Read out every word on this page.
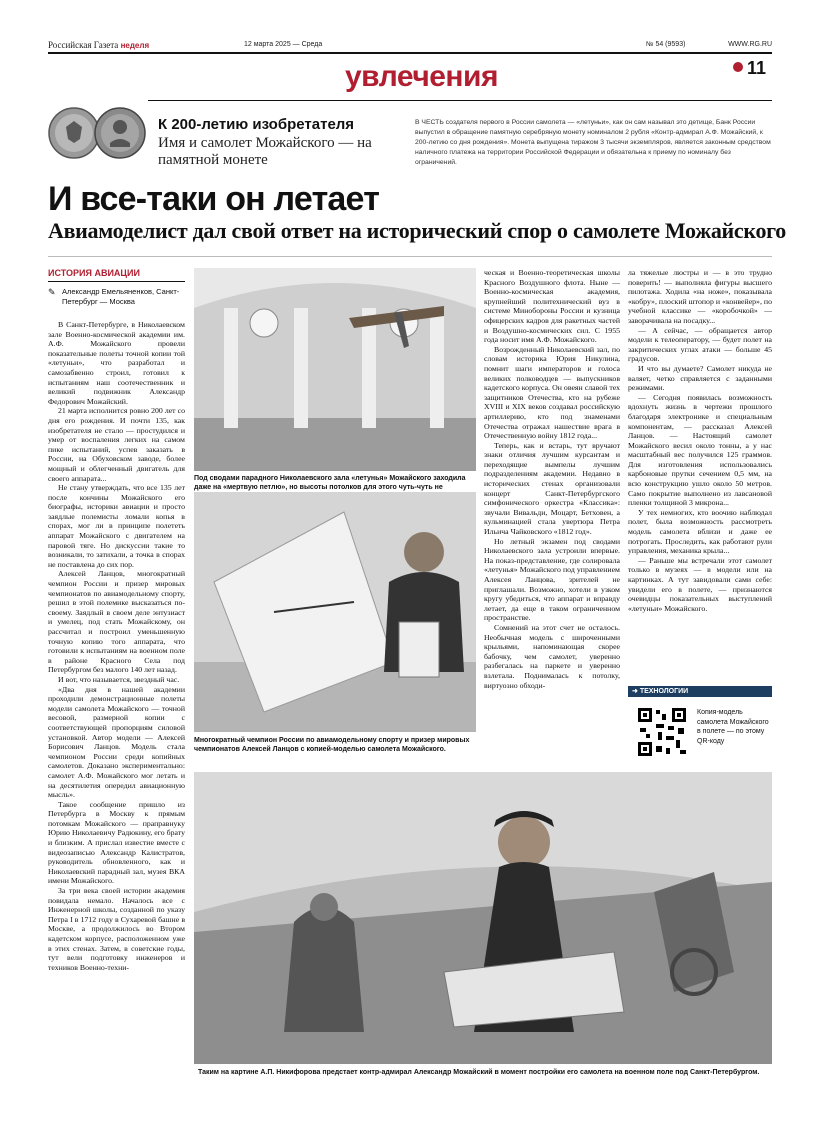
Российская Газета неделя	12 марта 2025 — Среда	№ 54 (9593)	WWW.RG.RU
увлечения	11
К 200-летию изобретателя
Имя и самолет Можайского — на памятной монете
В ЧЕСТЬ создателя первого в России самолета — «летуньи», как он сам называл это детище, Банк России выпустил в обращение памятную серебряную монету номиналом 2 рубля «Контр-адмирал А.Ф. Можайский, к 200-летию со дня рождения». Монета выпущена тиражом 3 тысячи экземпляров, является законным средством наличного платежа на территории Российской Федерации и обязательна к приему по номиналу без ограничений.
И все-таки он летает
Авиамоделист дал свой ответ на исторический спор о самолете Можайского
ИСТОРИЯ АВИАЦИИ
✎ Александр Емельяненков, Санкт-Петербург — Москва

В Санкт-Петербурге, в Николаевском зале Военно-космической академии им. А.Ф. Можайского провели показательные полеты точной копии той «летуньи», что разработал и самозабвенно строил, готовил к испытаниям наш соотечественник и великий подвижник Александр Федорович Можайский.

21 марта исполнится ровно 200 лет со дня его рождения. И почти 135, как изобретателя не стало — простудился и умер от воспаления легких на самом пике испытаний, успев заказать в России, на Обуховском заводе, более мощный и облегченный двигатель для своего аппарата...

Не стану утверждать, что все 135 лет после кончины Можайского его биографы, историки авиации и просто заядлые полемисты ломали копья в спорах, мог ли в принципе полететь аппарат Можайского с двигателем на паровой тяге. Но дискуссии такие то возникали, то затихали, а точка в спорах не поставлена до сих пор.

Алексей Ланцов, многократный чемпион России и призер мировых чемпионатов по авиамодельному спорту, решил в этой полемике высказаться по-своему. Заядлый в своем деле энтузиаст и умелец, под стать Можайскому, он рассчитал и построил уменьшенную точную копию того аппарата, что готовили к испытаниям на военном поле в районе Красного Села под Петербургом без малого 140 лет назад.

И вот, что называется, звездный час.

«Два дня в нашей академии проходили демонстрационные полеты модели самолета Можайского — точной весовой, размерной копии с соответствующей пропорциям силовой установкой. Автор модели — Алексей Борисович Ланцов. Модель стала чемпионом России среди копийных самолетов. Доказано экспериментально: самолет А.Ф. Можайского мог летать и на десятилетия опередил авиационную мысль».

Такое сообщение пришло из Петербурга в Москву к прямым потомкам Можайского — праправнуку Юрию Николаевичу Радюкину, его брату и близким. А прислал известие вместе с видеозаписью Александр Калистратов, руководитель обновленного, как и Николаевский парадный зал, музея ВКА имени Можайского.

За три века своей истории академия повидала немало. Началось все с Инженерной школы, созданной по указу Петра I в 1712 году в Сухаревой башне в Москве, а продолжилось во Втором кадетском корпусе, расположенном уже в этих стенах. Затем, в советские годы, тут вели подготовку инженеров и техников Военно-техни-

Под сводами парадного Николаевского зала «летунья» Можайского заходила даже на «мертвую петлю», но высоты потолков для этого чуть-чуть не
Многократный чемпион России по авиамодельному спорту и призер мировых чемпионатов Алексей Ланцов с копией-моделью самолета Можайского.

ческая и Военно-теоретическая школы Красного Воздушного флота. Ныне — Военно-космическая академия, крупнейший политехнический вуз в системе Минобороны России и кузница офицерских кадров для ракетных частей и Воздушно-космических сил. С 1955 года носит имя А.Ф. Можайского.

Возрожденный Николаевский зал, по словам историка Юрия Никулина, помнит шаги императоров и голоса великих полководцев — выпускников кадетского корпуса. Он овеян славой тех защитников Отечества, кто на рубеже XVIII и XIX веков создавал российскую артиллерию, кто под знаменами Отечества отражал нашествие врага в Отечественную войну 1812 года...

Теперь, как и встарь, тут вручают знаки отличия лучшим курсантам и переходящие вымпелы лучшим подразделениям академии. Недавно в исторических стенах организовали концерт Санкт-Петербургского симфонического оркестра «Классика»: звучали Вивальди, Моцарт, Бетховен, а кульминацией стала увертюра Петра Ильича Чайковского «1812 год».

Но летный экзамен под сводами Николаевского зала устроили впервые. На показ-представление, где солировала «летунья» Можайского под управлением Алексея Ланцова, зрителей не приглашали. Возможно, хотели в узком кругу убедиться, что аппарат и вправду летает, да еще в таком ограниченном пространстве.

Сомнений на этот счет не осталось. Необычная модель с широченными крыльями, напоминающая скорее бабочку, чем самолет, уверенно разбегалась на паркете и уверенно взлетала. Поднималась к потолку, виртуозно обходи-

ла тяжелые люстры и — в это трудно поверить! — выполняла фигуры высшего пилотажа. Ходила «на ноже», показывала «кобру», плоский штопор и «конвейер», по учебной классике — «коробочкой» — заворачивала на посадку...

— А сейчас, — обращается автор модели к телеоператору, — будет полет на закритических углах атаки — больше 45 градусов.

И что вы думаете? Самолет никуда не валяет, четко справляется с заданными режимами.

— Сегодня появилась возможность вдохнуть жизнь в чертежи прошлого благодаря электронике и специальным компонентам, — рассказал Алексей Ланцов. — Настоящий самолет Можайского весил около тонны, а у нас масштабный вес получился 125 граммов. Для изготовления использовались карбоновые прутки сечением 0,5 мм, на всю конструкцию ушло около 50 метров. Само покрытие выполнено из лавсановой пленки толщиной 3 микрона...

У тех немногих, кто воочию наблюдал полет, была возможность рассмотреть модель самолета вблизи и даже ее потрогать. Проследить, как работают рули управления, механика крыла...

— Раньше мы встречали этот самолет только в музеях — в модели или на картинках. А тут завидовали сами себе: увидели его в полете, — признаются очевидцы показательных выступлений «летуньи» Можайского.

➜ ТЕХНОЛОГИИ
Копия-модель самолета Можайского в полете — по этому QR-коду
Таким на картине А.П. Никифорова предстает контр-адмирал Александр Можайский в момент постройки его самолета на военном поле под Санкт-Петербургом.
